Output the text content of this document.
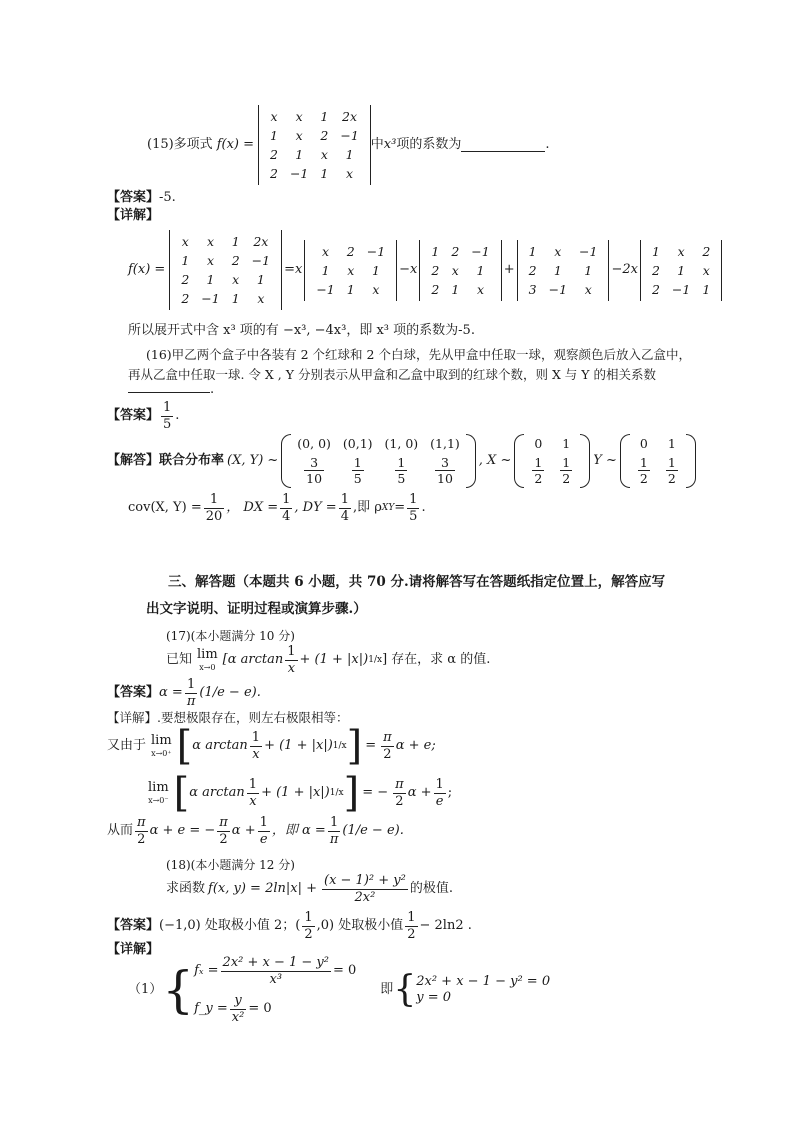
(15)多项式 f(x) =
x	x	1	2x
1	x	2	−1
2	1	x	1
2	−1	1	x
中 x³ 项的系数为	.
【答案】-5.
【详解】
f(x) =
x	x	1	2x
1	x	2	−1
2	1	x	1
2	−1	1	x
=x
x	2	−1
1	x	1
−1	1	x
−x
1	2	−1
2	x	1
2	1	x
+
1	x	−1
2	1	1
3	−1	x
−2x
1	x	2
2	1	x
2	−1	1
所以展开式中含 x³ 项的有 −x³, −4x³，即 x³ 项的系数为-5.
(16)甲乙两个盒子中各装有 2 个红球和 2 个白球，先从甲盒中任取一球，观察颜色后放入乙盒中，
再从乙盒中任取一球. 令 X , Y 分别表示从甲盒和乙盒中取到的红球个数，则 X 与 Y 的相关系数
.
【答案】 $\frac{1}{5}$ .
【解答】联合分布率 (X, Y) ~
(0, 0)	(0,1)	(1, 0)	(1,1)

$\frac{3}{10}$	$\frac{1}{5}$	$\frac{1}{5}$	$\frac{3}{10}$ , X ~
0	1

$\frac{1}{2}$	$\frac{1}{2}$ Y ~
0	1

$\frac{1}{2}$	$\frac{1}{2}$
cov(X, $Y) = \frac{1}{20}$ ， DX = $\frac{1}{4}$ , DY = $\frac{1}{4}$ ,即 ρ XY = $\frac{1}{5}$ .
三、解答题（本题共 6 小题，共 70 分.请将解答写在答题纸指定位置上，解答应写
出文字说明、证明过程或演算步骤.）
(17)(本小题满分 10 分)
已知 lim
x→0
[α $\arctan \frac{1}{x} + (1 + |x|)$ 1/x ] 存在，求 α 的值.
【答案】 $\alpha = \frac{1}{\pi} (1/e - e)$.
【详解】.要想极限存在，则左右极限相等：
又由于 lim
x→0⁺ [ α $\arctan \frac{1}{x} + (1 + |x|)$ 1/x ] = $\frac{\pi}{2}$ α + e;
lim
x→0⁻ [ α $\arctan \frac{1}{x} + (1 + |x|)$ 1/x ] = − $\frac{\pi}{2}$ $\alpha + \frac{1}{e}$ ;
从而 $\frac{\pi}{2}$ α + e = − $\frac{\pi}{2}$ $\alpha + \frac{1}{e}$ ，即 $\alpha = \frac{1}{\pi} (1/e - e)$.
(18)(本小题满分 12 分)
求函数 f(x, $y) = 2\ln|x| + \frac{\text{(x − 1)² + y²}}{\text{2x²}}$ 的极值.
【答案】 (−1,0) 处取极小值 2；( $\frac{1}{2} ,0$) 处取极小值 $\frac{1}{2} - 2\ln 2$ .
【详解】
（1） { $f_x = \frac{\text{2x² + x − 1 − y²}}{\text{x³}} = 0$
f_y = $\frac{y}{\text{x²}} = 0$
即 { 2x² + x − 1 − y² = 0
y = 0
